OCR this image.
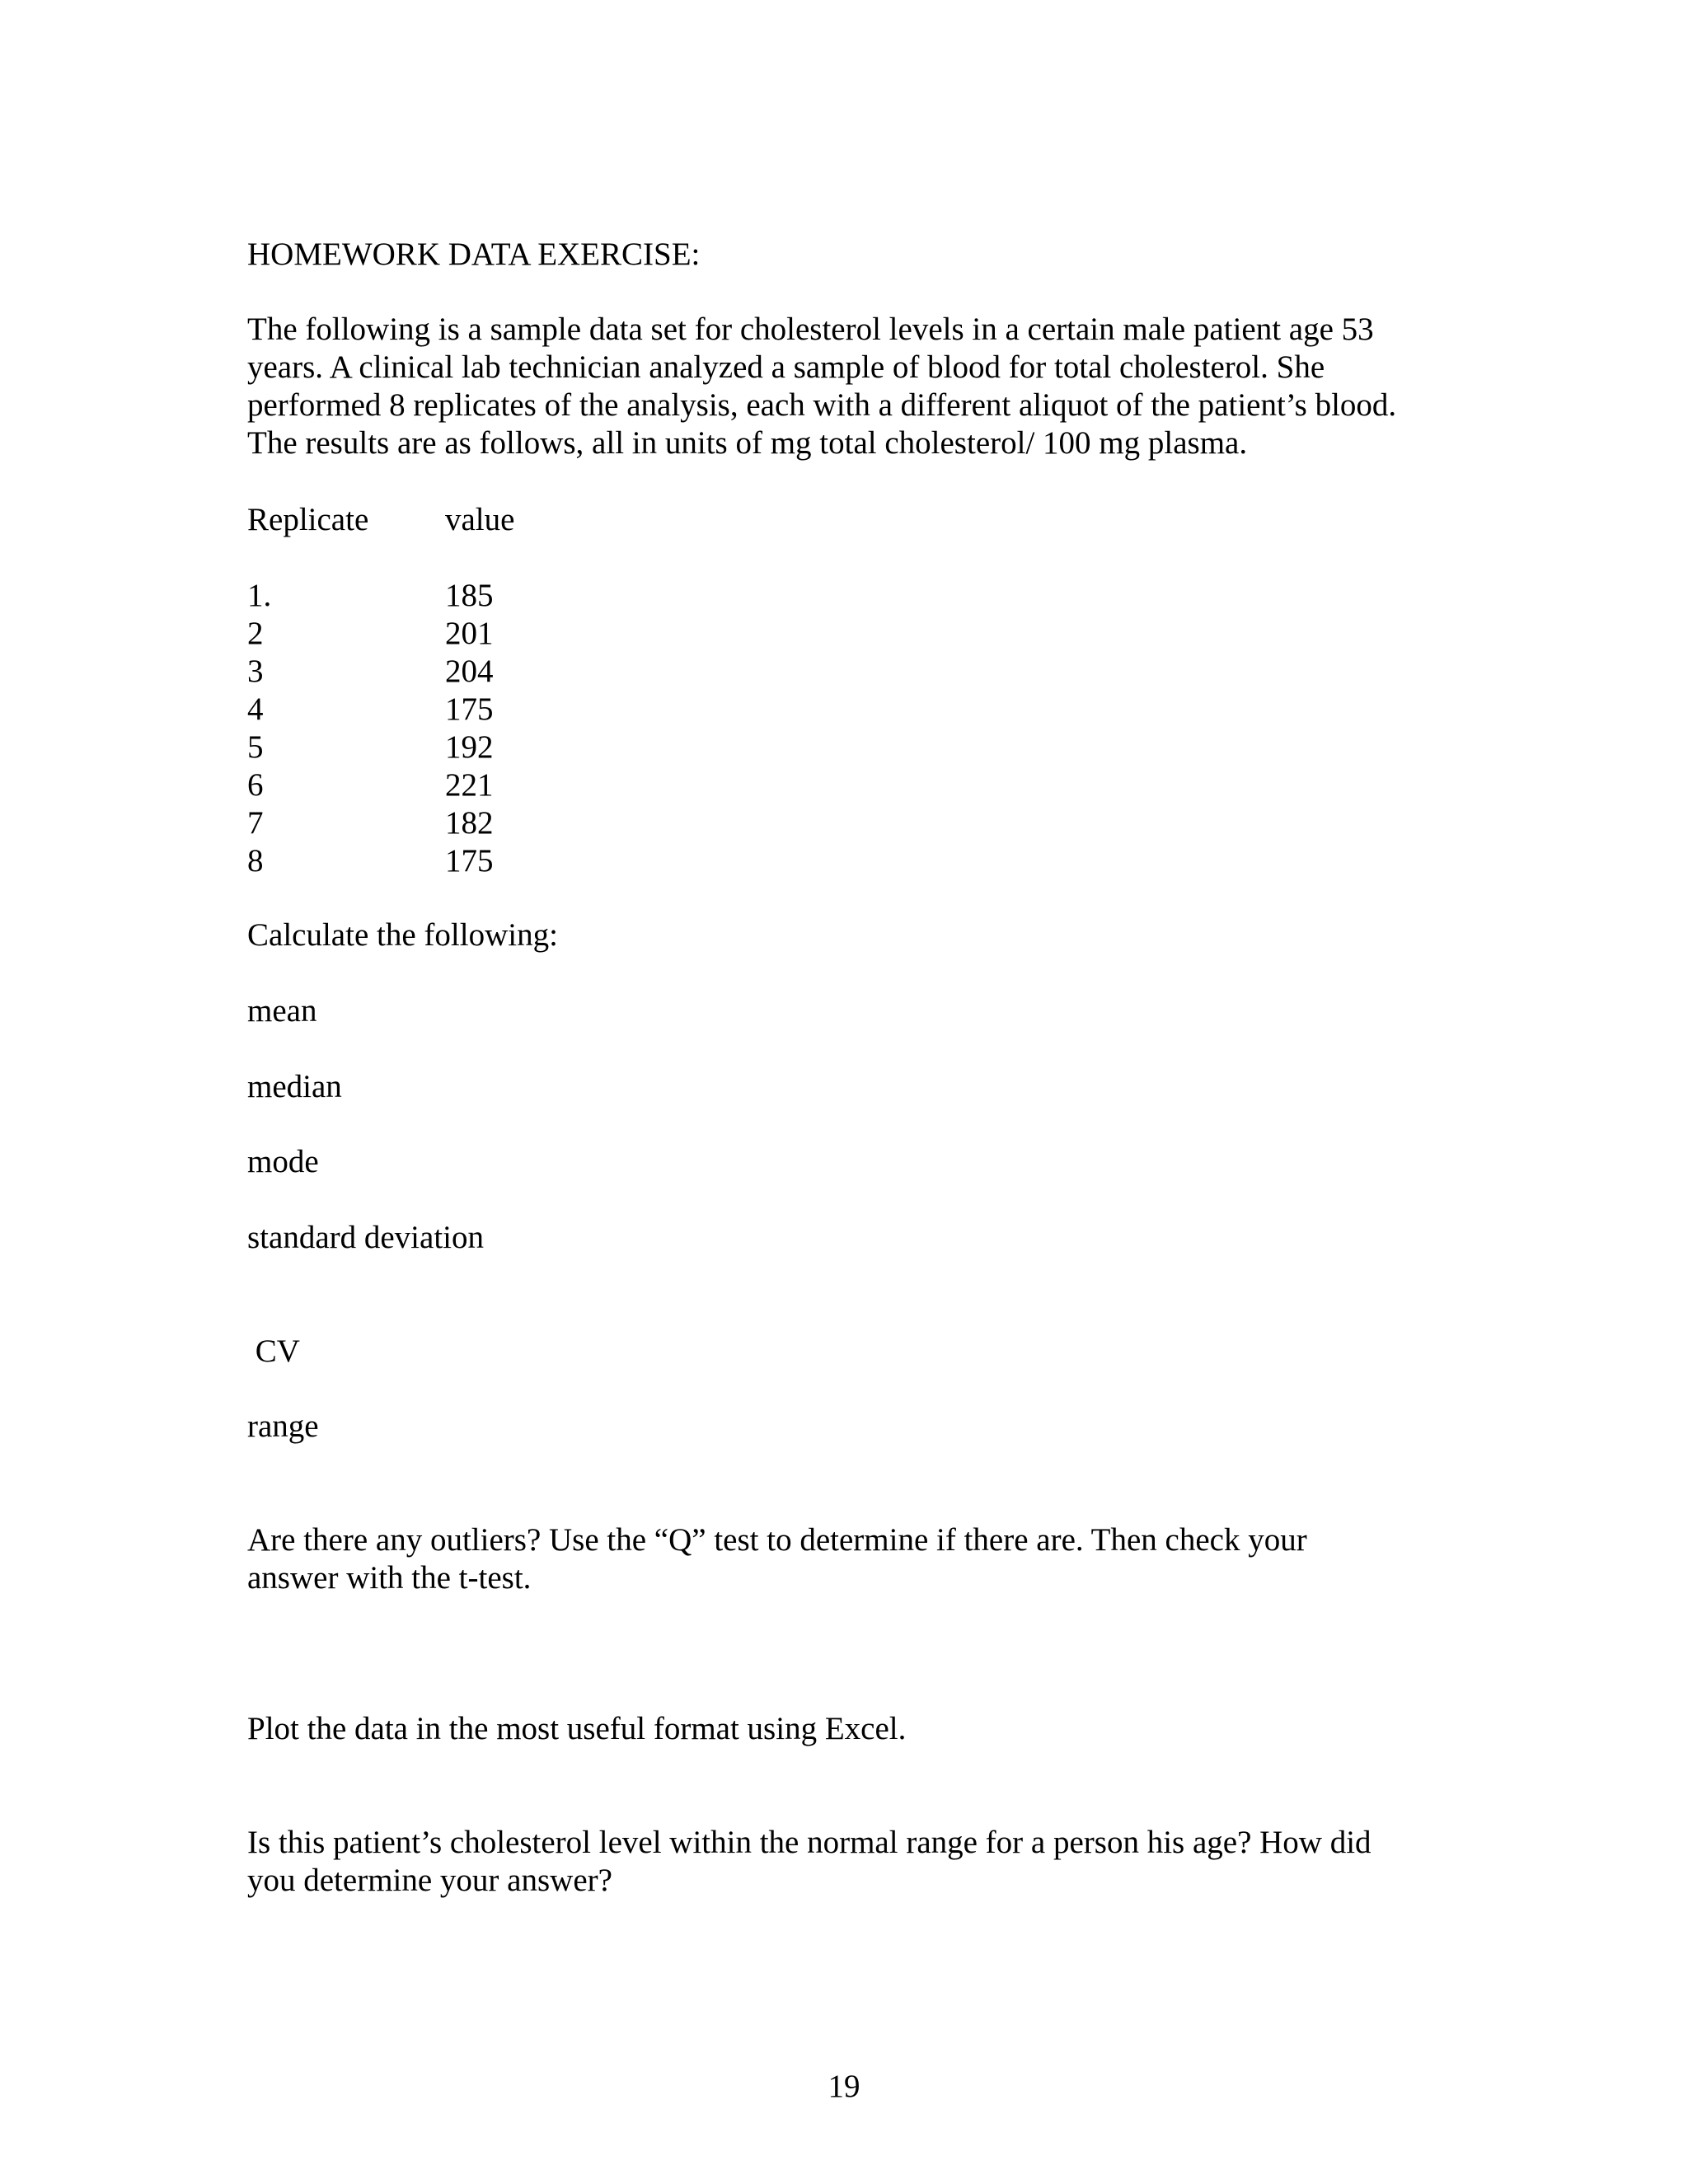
HOMEWORK DATA EXERCISE:

The following is a sample data set for cholesterol levels in a certain male patient age 53
years. A clinical lab technician analyzed a sample of blood for total cholesterol. She
performed 8 replicates of the analysis, each with a different aliquot of the patient’s blood.
The results are as follows, all in units of mg total cholesterol/ 100 mg plasma.

Replicate value
1.	185
2	201
3	204
4	175
5	192
6	221
7	182
8	175

Calculate the following:

mean

median

mode

standard deviation

CV

range

Are there any outliers? Use the “Q” test to determine if there are. Then check your
answer with the t-test.

Plot the data in the most useful format using Excel.

Is this patient’s cholesterol level within the normal range for a person his age? How did
you determine your answer?

19
